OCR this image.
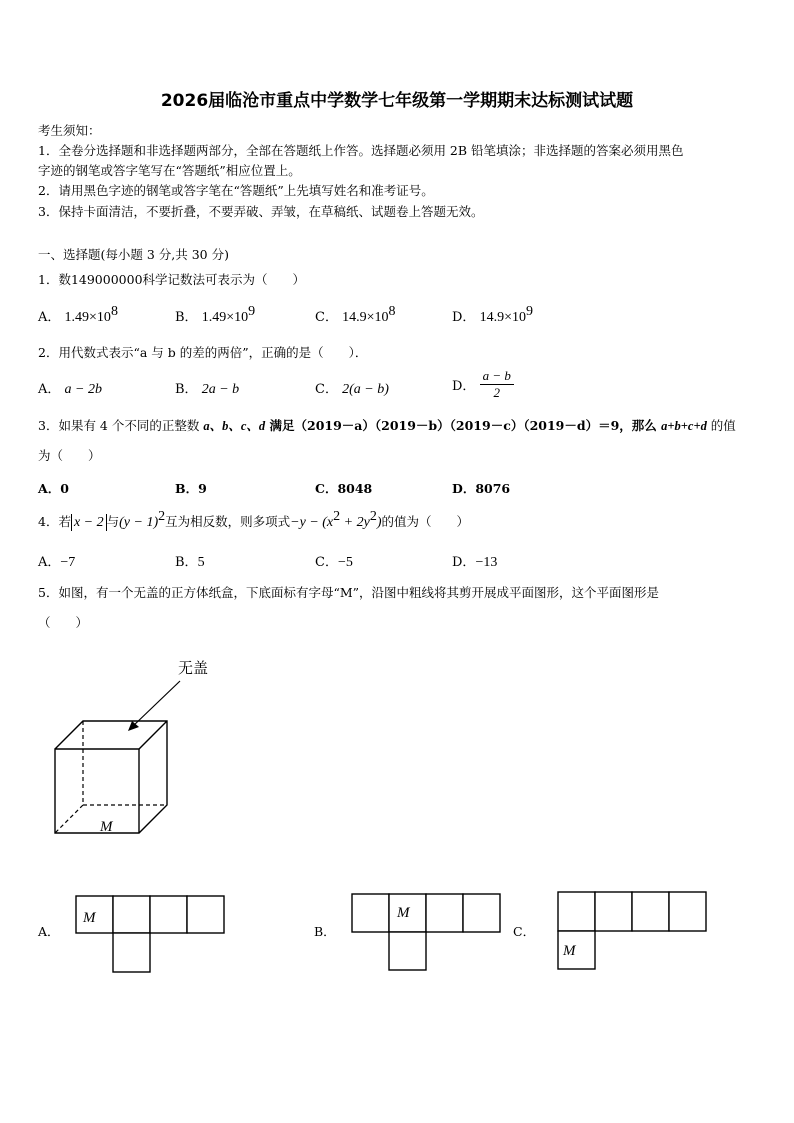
2026届临沧市重点中学数学七年级第一学期期末达标测试试题
考生须知：
1．全卷分选择题和非选择题两部分，全部在答题纸上作答。选择题必须用 2B 铅笔填涂；非选择题的答案必须用黑色
字迹的钢笔或答字笔写在“答题纸”相应位置上。
2．请用黑色字迹的钢笔或答字笔在“答题纸”上先填写姓名和准考证号。
3．保持卡面清洁，不要折叠，不要弄破、弄皱，在草稿纸、试题卷上答题无效。
一、选择题(每小题 3 分,共 30 分)
1．数149000000科学记数法可表示为（　　）
A． $1.49\times 10^8$	B． $1.49\times 10^9$	C． $14.9\times 10^8$	D． $14.9\times 10^9$
2．用代数式表示“a 与 b 的差的两倍”，正确的是（　　）．
A． a − 2b	B． 2a − b	C． 2(a − b)	D． $\frac{a - b}{2}$
3．如果有 4 个不同的正整数 a、b、c、d 满足（2019－a）（2019－b）（2019－c）（2019－d）＝9，那么 a+b+c+d 的值
为（　　）
A．0	B．9	C．8048	D．8076
4．若 x − 2 与$(y - 1)^2$互为相反数，则多项式$-y - (x^2 + 2y^2)$的值为（　　）
A．−7	B．5	C．−5	D．−13
5．如图，有一个无盖的正方体纸盒，下底面标有字母“M”，沿图中粗线将其剪开展成平面图形，这个平面图形是
（　　）
无盖
M
A．
M
B．
M
C．
M
